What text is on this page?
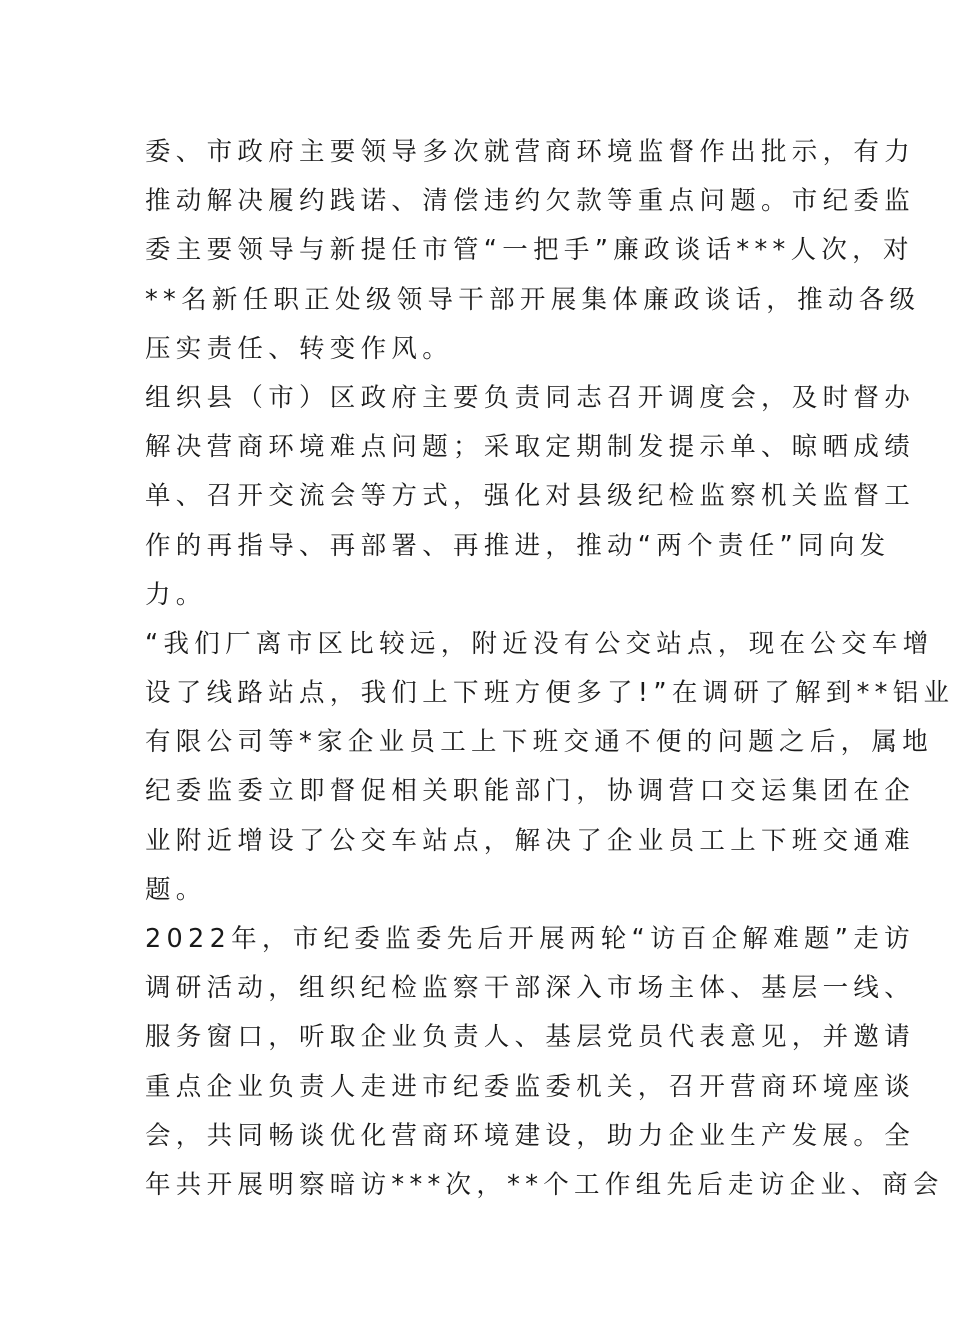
委、市政府主要领导多次就营商环境监督作出批示，有力
推动解决履约践诺、清偿违约欠款等重点问题。市纪委监
委主要领导与新提任市管“一把手”廉政谈话***人次，对
**名新任职正处级领导干部开展集体廉政谈话，推动各级
压实责任、转变作风。
组织县（市）区政府主要负责同志召开调度会，及时督办
解决营商环境难点问题；采取定期制发提示单、晾晒成绩
单、召开交流会等方式，强化对县级纪检监察机关监督工
作的再指导、再部署、再推进，推动“两个责任”同向发
力。
“我们厂离市区比较远，附近没有公交站点，现在公交车增
设了线路站点，我们上下班方便多了!”在调研了解到**铝业
有限公司等*家企业员工上下班交通不便的问题之后，属地
纪委监委立即督促相关职能部门，协调营口交运集团在企
业附近增设了公交车站点，解决了企业员工上下班交通难
题。
2022年，市纪委监委先后开展两轮“访百企解难题”走访
调研活动，组织纪检监察干部深入市场主体、基层一线、
服务窗口，听取企业负责人、基层党员代表意见，并邀请
重点企业负责人走进市纪委监委机关，召开营商环境座谈
会，共同畅谈优化营商环境建设，助力企业生产发展。全
年共开展明察暗访***次，**个工作组先后走访企业、商会
